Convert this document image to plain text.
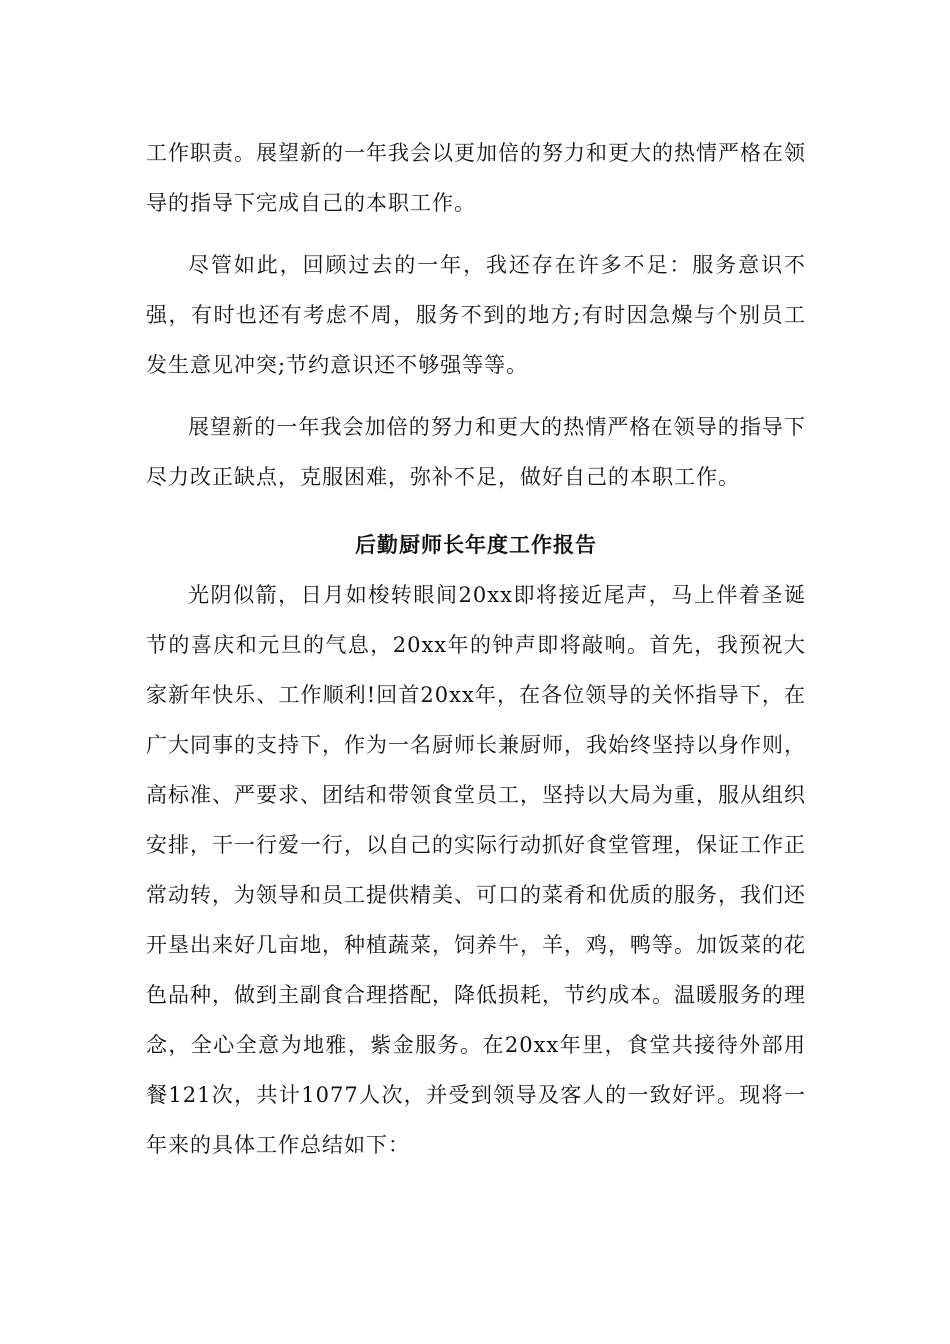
工作职责。展望新的一年我会以更加倍的努力和更大的热情严格在领导的指导下完成自己的本职工作。

尽管如此，回顾过去的一年，我还存在许多不足：服务意识不强，有时也还有考虑不周，服务不到的地方;有时因急燥与个别员工发生意见冲突;节约意识还不够强等等。

展望新的一年我会加倍的努力和更大的热情严格在领导的指导下尽力改正缺点，克服困难，弥补不足，做好自己的本职工作。

后勤厨师长年度工作报告

光阴似箭，日月如梭转眼间20xx即将接近尾声，马上伴着圣诞节的喜庆和元旦的气息，20xx年的钟声即将敲响。首先，我预祝大家新年快乐、工作顺利!回首20xx年，在各位领导的关怀指导下，在广大同事的支持下，作为一名厨师长兼厨师，我始终坚持以身作则，高标准、严要求、团结和带领食堂员工，坚持以大局为重，服从组织安排，干一行爱一行，以自己的实际行动抓好食堂管理，保证工作正常动转，为领导和员工提供精美、可口的菜肴和优质的服务，我们还开垦出来好几亩地，种植蔬菜，饲养牛，羊，鸡，鸭等。加饭菜的花色品种，做到主副食合理搭配，降低损耗，节约成本。温暖服务的理念，全心全意为地雅，紫金服务。在20xx年里，食堂共接待外部用餐121次，共计1077人次，并受到领导及客人的一致好评。现将一年来的具体工作总结如下：
